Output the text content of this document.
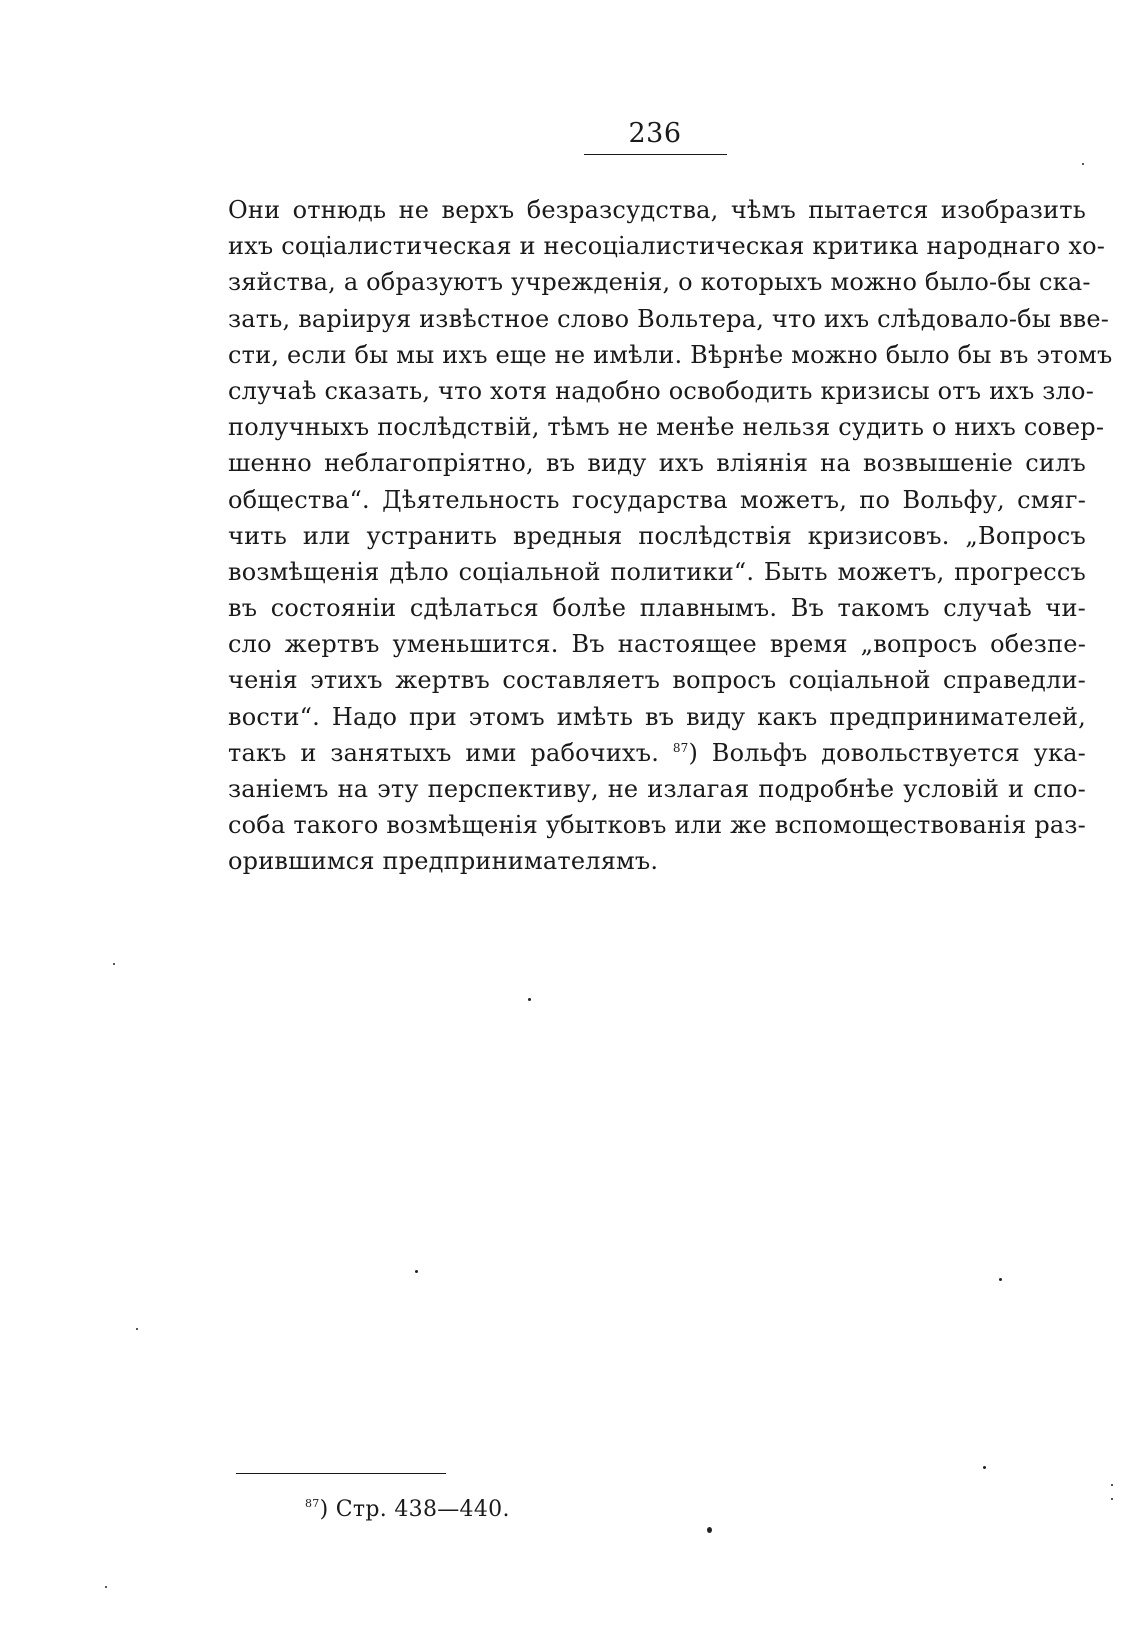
236
Они отнюдь не верхъ безразсудства, чѣмъ пытается изобразить
ихъ соціалистическая и несоціалистическая критика народнаго хо-
зяйства, а образуютъ учрежденія, о которыхъ можно было-бы ска-
зать, варіируя извѣстное слово Вольтера, что ихъ слѣдовало-бы вве-
сти, если бы мы ихъ еще не имѣли. Вѣрнѣе можно было бы въ этомъ
случаѣ сказать, что хотя надобно освободить кризисы отъ ихъ зло-
получныхъ послѣдствій, тѣмъ не менѣе нельзя судить о нихъ совер-
шенно неблагопріятно, въ виду ихъ вліянія на возвышеніе силъ
общества“. Дѣятельность государства можетъ, по Вольфу, смяг-
чить или устранить вредныя послѣдствія кризисовъ. „Вопросъ
возмѣщенія дѣло соціальной политики“. Быть можетъ, прогрессъ
въ состояніи сдѣлаться болѣе плавнымъ. Въ такомъ случаѣ чи-
сло жертвъ уменьшится. Въ настоящее время „вопросъ обезпе-
ченія этихъ жертвъ составляетъ вопросъ соціальной справедли-
вости“. Надо при этомъ имѣть въ виду какъ предпринимателей,
такъ и занятыхъ ими рабочихъ. $^{87}$) Вольфъ довольствуется ука-
заніемъ на эту перспективу, не излагая подробнѣе условій и спо-
соба такого возмѣщенія убытковъ или же вспомоществованія раз-
орившимся предпринимателямъ.
$^{87}$) Стр. 438—440.
